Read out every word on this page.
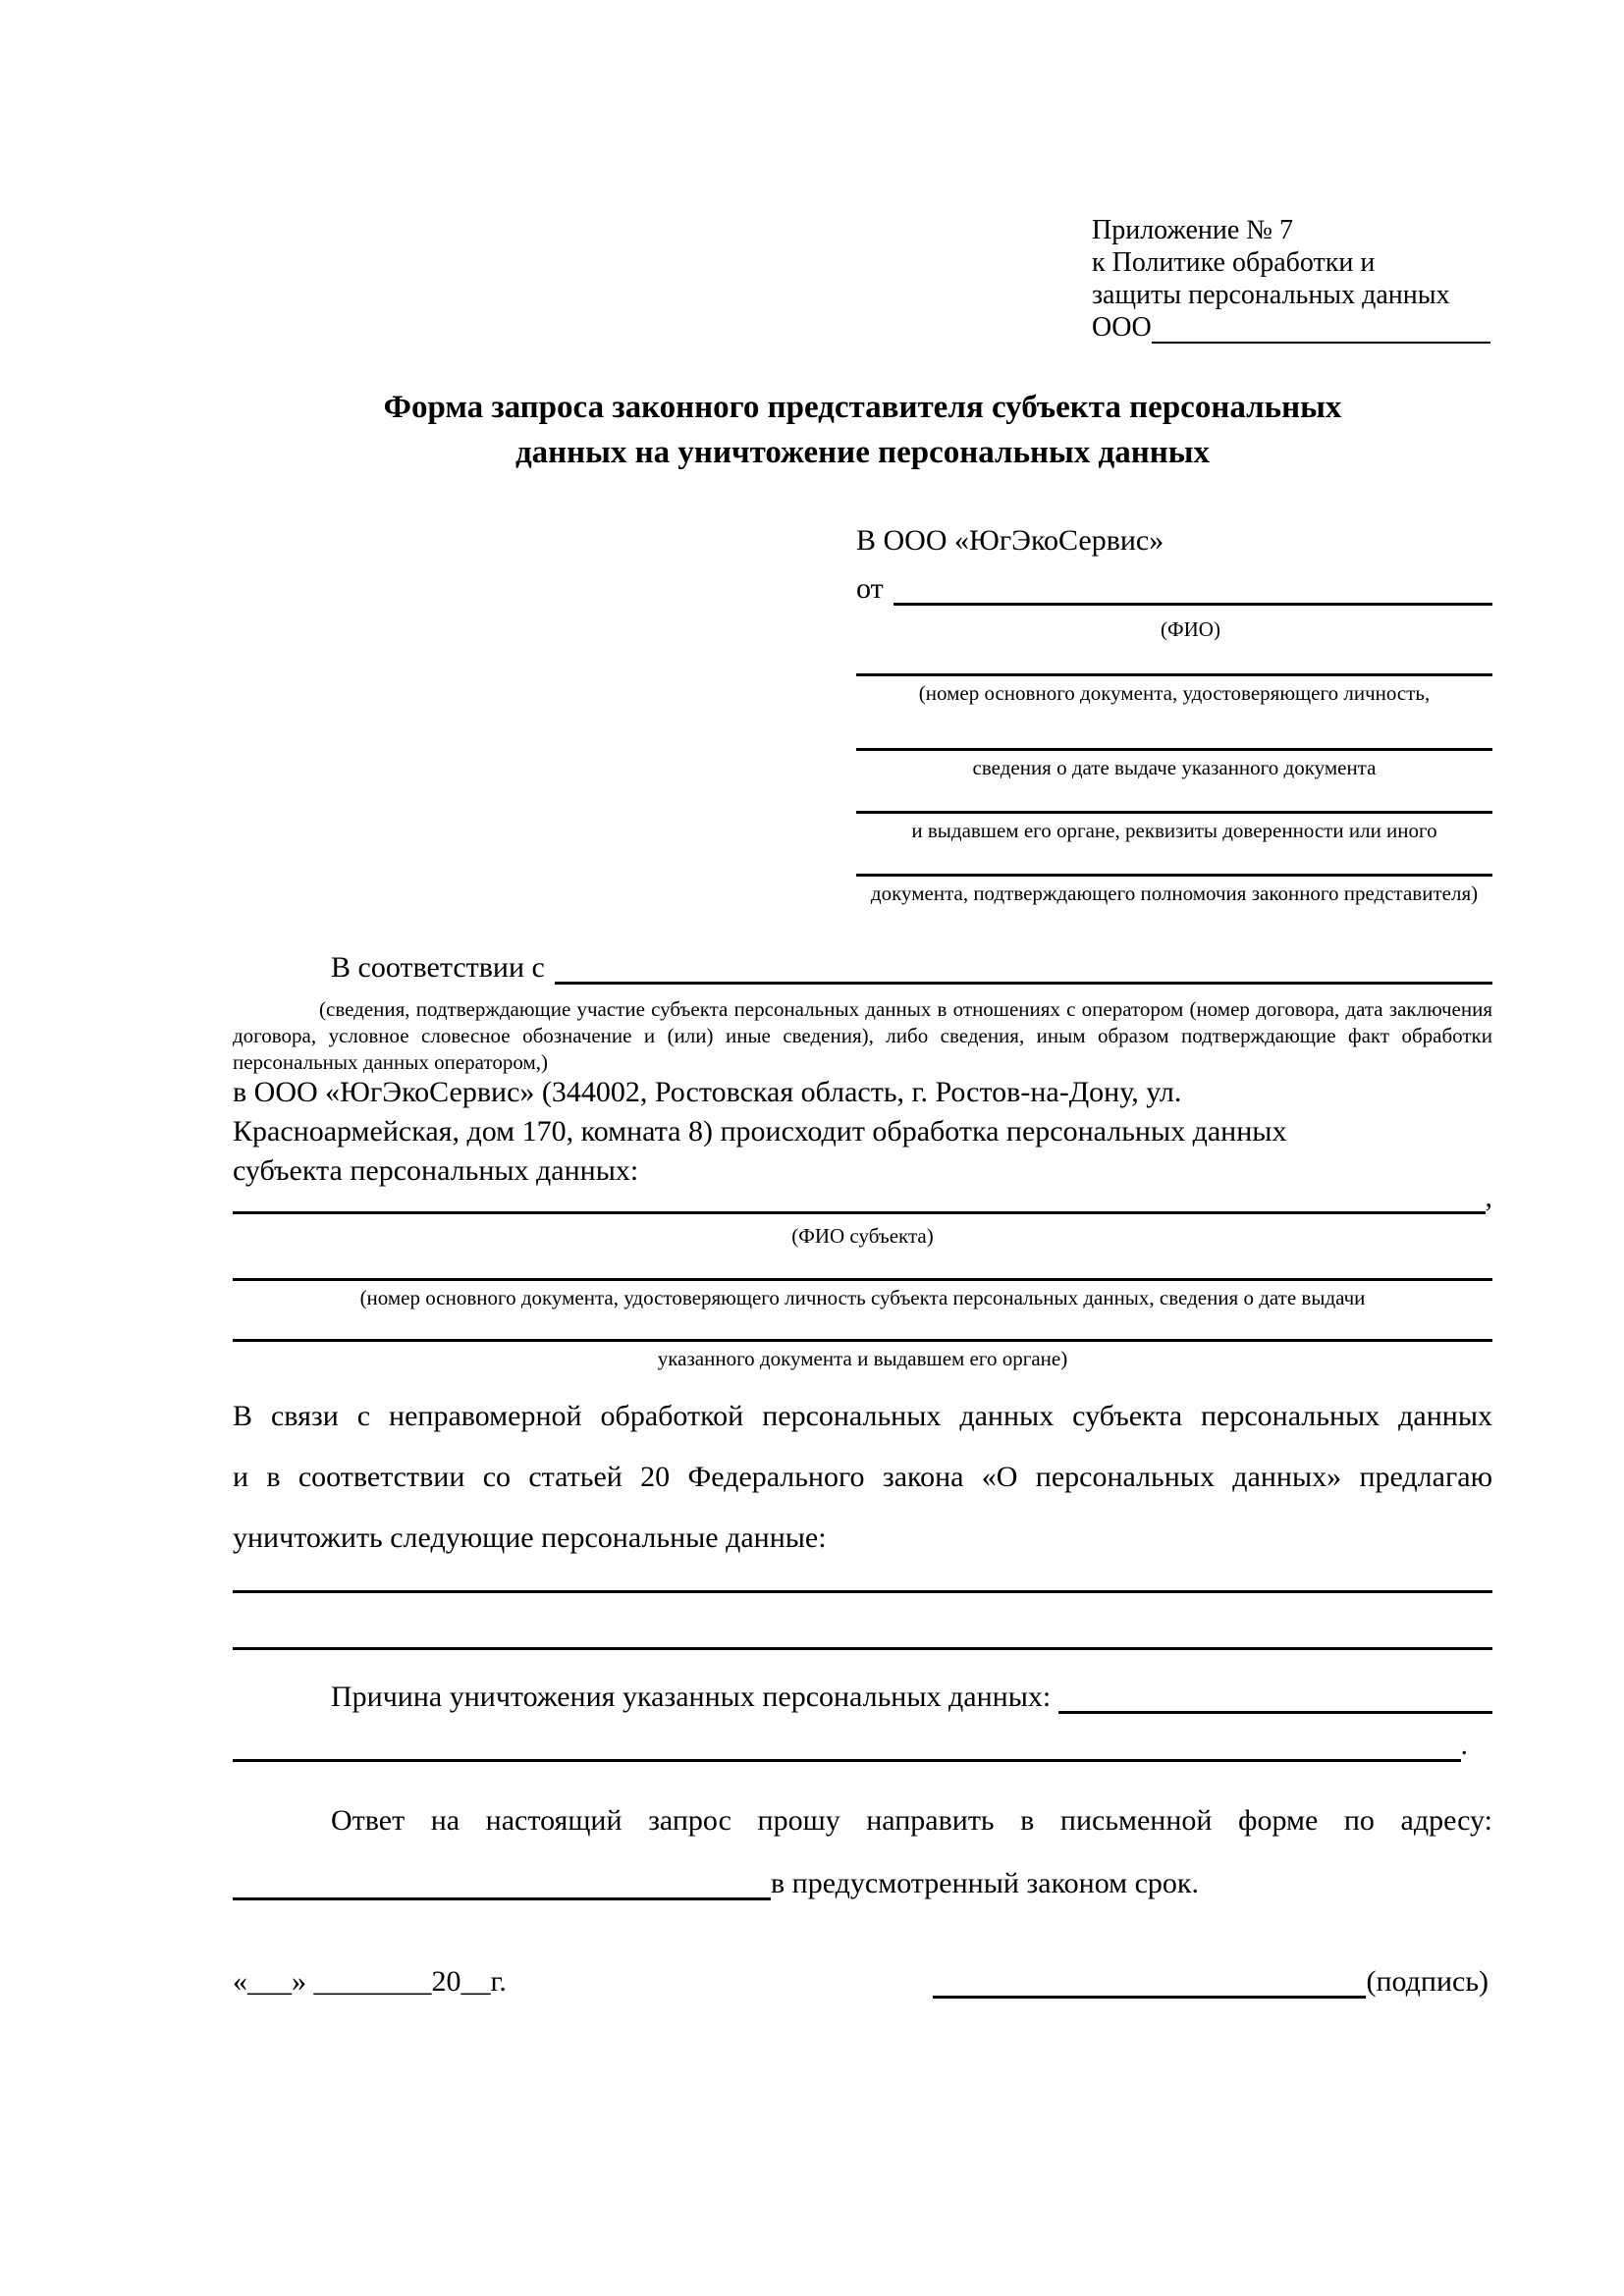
Приложение № 7
к Политике обработки и
защиты персональных данных
ООО
Форма запроса законного представителя субъекта персональных
данных на уничтожение персональных данных
В ООО «ЮгЭкоСервис»
от
(ФИО)
(номер основного документа, удостоверяющего личность,
сведения о дате выдаче указанного документа
и выдавшем его органе, реквизиты доверенности или иного
документа, подтверждающего полномочия законного представителя)
В соответствии с
(сведения, подтверждающие участие субъекта персональных данных в отношениях с оператором (номер договора, дата заключения договора, условное словесное обозначение и (или) иные сведения), либо сведения, иным образом подтверждающие факт обработки персональных данных оператором,)
в ООО «ЮгЭкоСервис» (344002, Ростовская область, г. Ростов-на-Дону, ул.
Красноармейская, дом 170, комната 8) происходит обработка персональных данных
субъекта персональных данных:
,
(ФИО субъекта)
(номер основного документа, удостоверяющего личность субъекта персональных данных, сведения о дате выдачи
указанного документа и выдавшем его органе)
В связи с неправомерной обработкой персональных данных субъекта персональных данных
и в соответствии со статьей 20 Федерального закона «О персональных данных» предлагаю
уничтожить следующие персональные данные:
Причина уничтожения указанных персональных данных:
.
Ответ на настоящий запрос прошу направить в письменной форме по адресу:
в предусмотренный законом срок.
«___» ________20__г.	(подпись)
